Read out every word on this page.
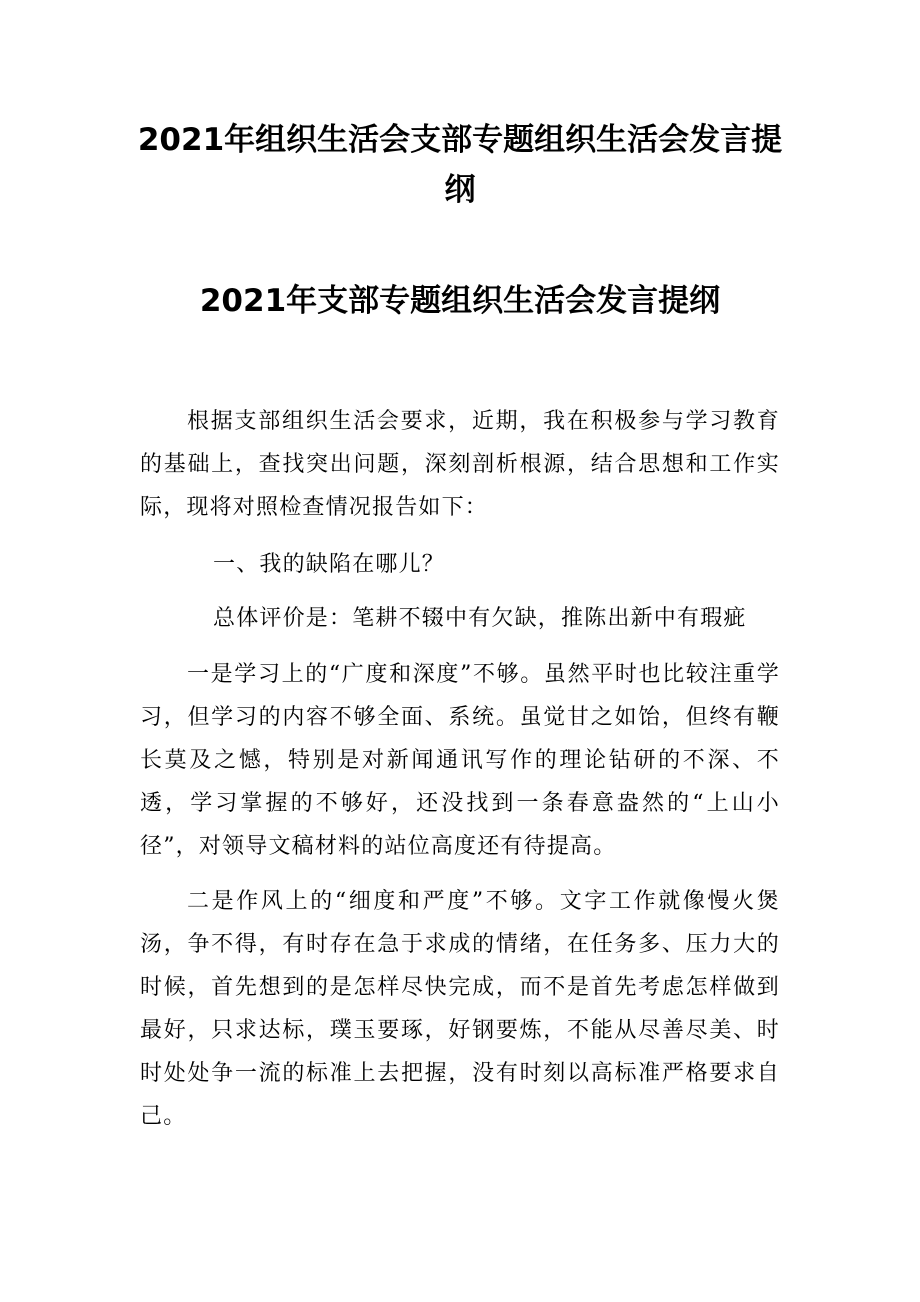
2021年组织生活会支部专题组织生活会发言提纲
2021年支部专题组织生活会发言提纲

根据支部组织生活会要求，近期，我在积极参与学习教育的基础上，查找突出问题，深刻剖析根源，结合思想和工作实际，现将对照检查情况报告如下：

一、我的缺陷在哪儿？

总体评价是：笔耕不辍中有欠缺，推陈出新中有瑕疵

一是学习上的“广度和深度”不够。虽然平时也比较注重学习，但学习的内容不够全面、系统。虽觉甘之如饴，但终有鞭长莫及之憾，特别是对新闻通讯写作的理论钻研的不深、不透，学习掌握的不够好，还没找到一条春意盎然的“上山小径”，对领导文稿材料的站位高度还有待提高。

二是作风上的“细度和严度”不够。文字工作就像慢火煲汤，争不得，有时存在急于求成的情绪，在任务多、压力大的时候，首先想到的是怎样尽快完成，而不是首先考虑怎样做到最好，只求达标，璞玉要琢，好钢要炼，不能从尽善尽美、时时处处争一流的标准上去把握，没有时刻以高标准严格要求自己。
